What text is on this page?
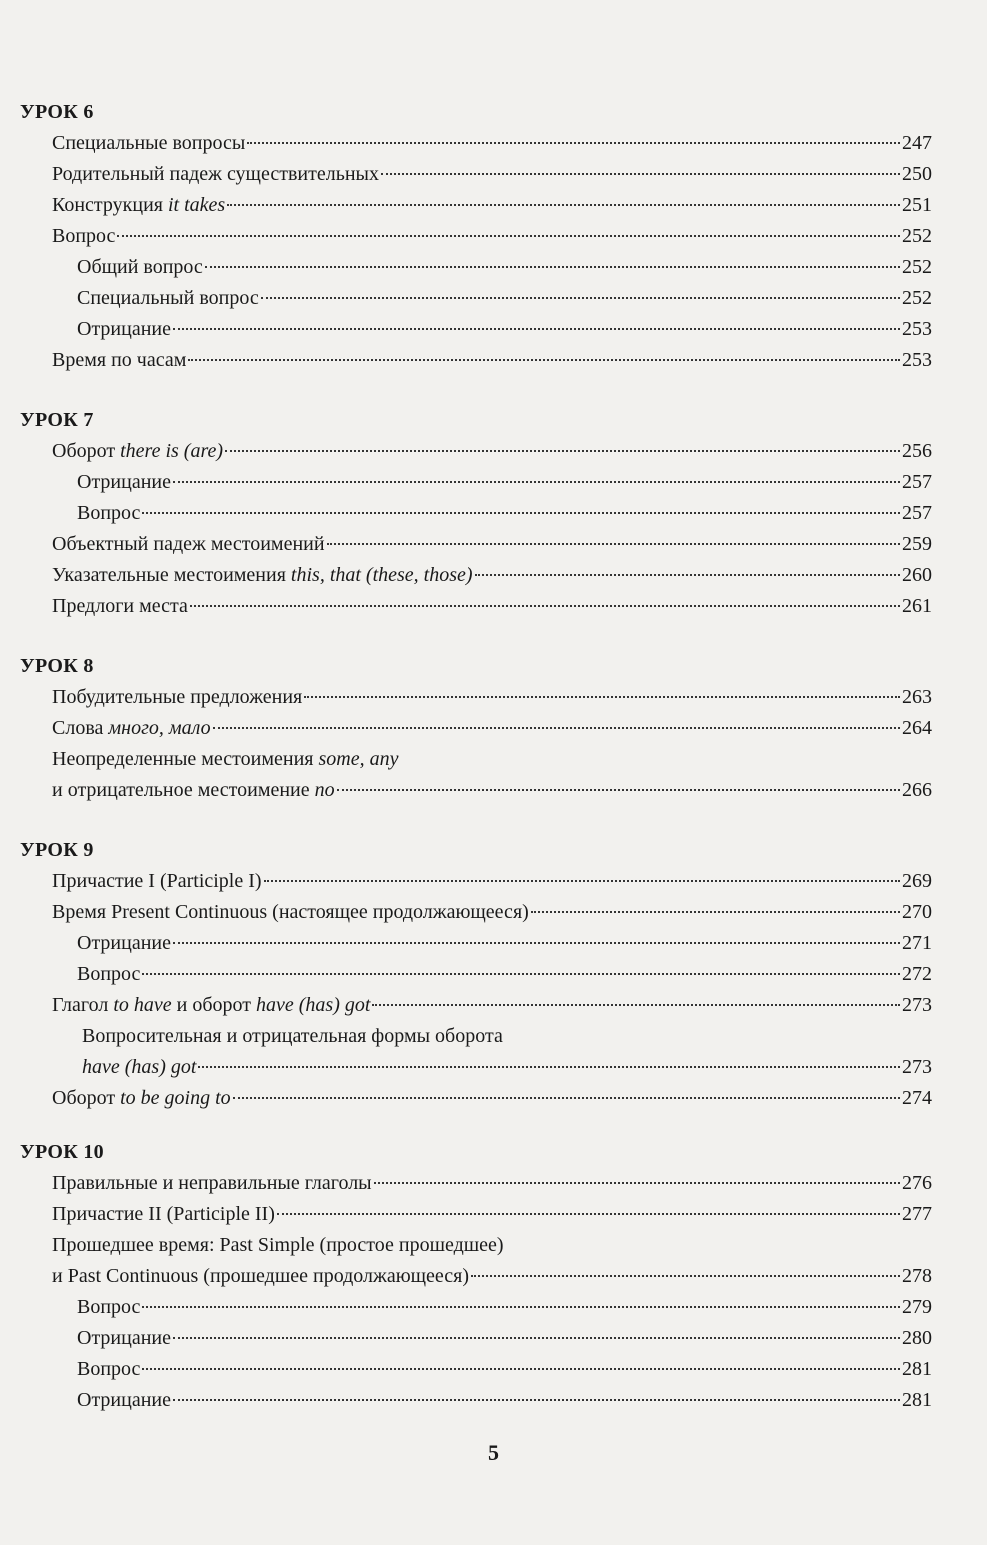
УРОК 6
Специальные вопросы	247
Родительный падеж существительных	250
Конструкция it takes	251
Вопрос	252
Общий вопрос	252
Специальный вопрос	252
Отрицание	253
Время по часам	253
УРОК 7
Оборот there is (are)	256
Отрицание	257
Вопрос	257
Объектный падеж местоимений	259
Указательные местоимения this, that (these, those)	260
Предлоги места	261
УРОК 8
Побудительные предложения	263
Слова много, мало	264
Неопределенные местоимения some, any
и отрицательное местоимение no	266
УРОК 9
Причастие I (Participle I)	269
Время Present Continuous (настоящее продолжающееся)	270
Отрицание	271
Вопрос	272
Глагол to have и оборот have (has) got	273
Вопросительная и отрицательная формы оборота
have (has) got	273
Оборот to be going to	274
УРОК 10
Правильные и неправильные глаголы	276
Причастие II (Participle II)	277
Прошедшее время: Past Simple (простое прошедшее)
и Past Continuous (прошедшее продолжающееся)	278
Вопрос	279
Отрицание	280
Вопрос	281
Отрицание	281
5
